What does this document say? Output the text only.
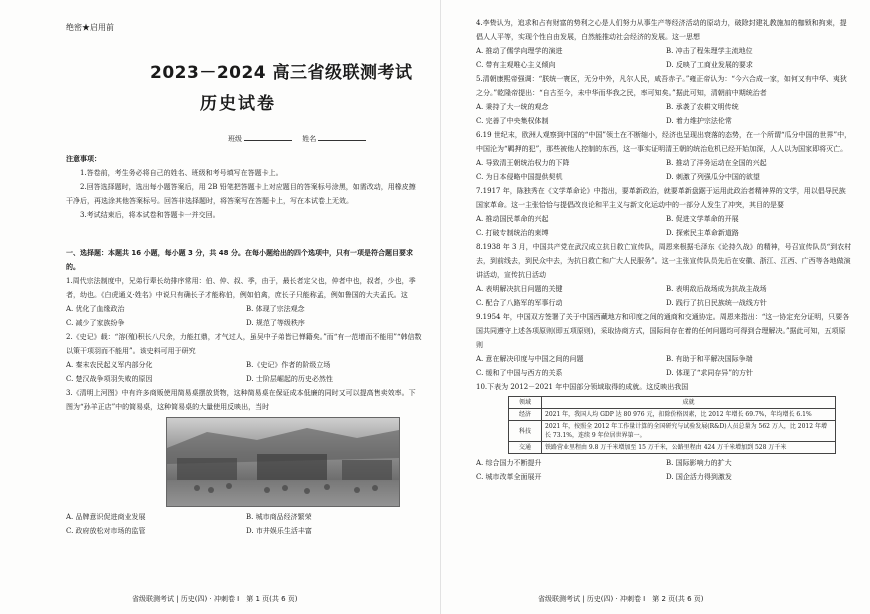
绝密★启用前
2023－2024 高三省级联测考试
历史试卷
班级	姓名
注意事项：

1.答卷前，考生务必将自己的姓名、班级和考号填写在答题卡上。

2.回答选择题时，选出每小题答案后，用 2B 铅笔把答题卡上对应题目的答案标号涂黑，如需改动，用橡皮擦干净后，再选涂其他答案标号。回答非选择题时，将答案写在答题卡上，写在本试卷上无效。

3.考试结束后，将本试卷和答题卡一并交回。

一、选择题：本题共 16 小题，每小题 3 分，共 48 分。在每小题给出的四个选项中，只有一项是符合题目要求的。

1.周代宗法制度中，兄弟行辈长幼排序常用：伯、仲、叔、季，由于，最长者定父也，仲者中也，叔者，少也，季者，幼也。《白虎通义·姓名》中说只有确长子才能称伯，例如伯禽，庶长子只能称孟，例如鲁国的大夫孟氏。这

A. 优化了血缘政治	B. 体现了宗法观念
C. 减少了家族纷争	D. 规范了等级秩序

2.《史记》载：“溶(殖)积长八尺余，力能扛鼎，才气过人，虽吴中子弟皆已惮籍矣。”而“有一范增而不能用”“韩信数以策干项羽而不能用”。该史料可用于研究

A. 秦末农民起义军内部分化	B.《史记》作者的阶级立场
C. 楚汉战争项羽失败的原因	D. 士阶层崛起的历史必然性

3.《清明上河图》中有许多商贩使用简易桌摆放货物，这种简易桌在保证成本低廉的同时又可以提高售卖效率。下图为“孙羊正店”中的简易桌，这种简易桌的大量使用反映出，当时

A. 品牌意识促进商业发展	B. 城市商品经济繁荣
C. 政府放松对市场的监管	D. 市井娱乐生活丰富
省级联测考试 | 历史(四) · 冲刺卷 I　第 1 页(共 6 页)

4.李贽认为，追求和占有财富的势利之心是人们努力从事生产等经济活动的原动力，破除封建礼教施加的枷锁和拘束，提倡人人平等，实现个性自由发展，白然能推动社会经济的发展。这一思想

A. 推动了儒学向理学的演进	B. 冲击了程朱理学主流地位
C. 带有主观唯心主义倾向	D. 反映了工商业发展的要求

5.清朝康熙帝强调：“朕统一寰区，无分中外，凡尔人民，咸吾赤子。”雍正帝认为：“今六合成一家，如何又有中华、夷狄之分。”乾隆帝提出：“自古至今，未中华而华我之民，率可知矣。”据此可知，清朝前中期统治者

A. 秉持了大一统的观念	B. 承袭了农耕文明传统
C. 完善了中央集权体制	D. 着力维护宗法伦常

6.19 世纪末，欧洲人观察到中国的“中国”领土在不断缩小，经济也呈现出衰落的态势，在一个所谓“瓜分中国的世界”中，中国沦为“羁押的犯”，那些被他人控制的东西，这一事实证明清王朝的统治危机已经开始加深，人人以为国家即将灭亡。

A. 导致清王朝统治权力的下降	B. 推动了洋务运动在全国的兴起
C. 为日本侵略中国提供契机	D. 刺激了列强瓜分中国的欲望

7.1917 年，陈独秀在《文学革命论》中指出，要革新政治，就要革新盘踞于运用此政治者精神界的文学，用以倡导民族国家革命。这一主张恰恰与提倡改良论和平主义与新文化运动中的一部分人发生了冲突，其目的是要

A. 推动国民革命的兴起	B. 促进文学革命的开展
C. 打破专制统治的束缚	D. 探索民主革命新道路

8.1938 年 3 月，中国共产党在武汉成立抗日救亡宣传队，周恩来根据毛泽东《论持久战》的精神，号召宣传队员“到农村去，到前线去，到民众中去，为抗日救亡和广大人民服务”。这一主张宣传队员先后在安徽、浙江、江西、广西等各地做演讲活动，宣传抗日活动

A. 表明解决抗日问题的关键	B. 表明敌后战场成为抗战主战场
C. 配合了八路军的军事行动	D. 践行了抗日民族统一战线方针

9.1954 年，中国双方签署了关于中国西藏地方和印度之间的通商和交通协定。周恩来指出：“这一协定充分证明，只要各国共同遵守上述各项原则(即五项原则)，采取协商方式，国际间存在着的任何问题均可得到合理解决。”据此可知，五项原则

A. 意在解决印度与中国之间的问题	B. 有助于和平解决国际争端
C. 缓和了中国与西方的关系	D. 体现了“求同存异”的方针

10.下表为 2012－2021 年中国部分领域取得的成就。这反映出我国

领域	成就
经济	2021 年，我国人均 GDP 达 80 976 元，扣除价格因素，比 2012 年增长 69.7%，年均增长 6.1%
科技	2021 年，按照全 2012 年工作量计算的全国研究与试验发展(R&D)人员总量为 562 万人，比 2012 年增长 73.1%，连续 9 年位居世界第一。
交通	铁路营业里程由 9.8 万千米增加至 15 万千米，公路里程由 424 万千米增加到 528 万千米
A. 综合国力不断提升	B. 国际影响力的扩大
C. 城市改革全面展开	D. 国企活力得到激发
省级联测考试 | 历史(四) · 冲刺卷 I　第 2 页(共 6 页)
